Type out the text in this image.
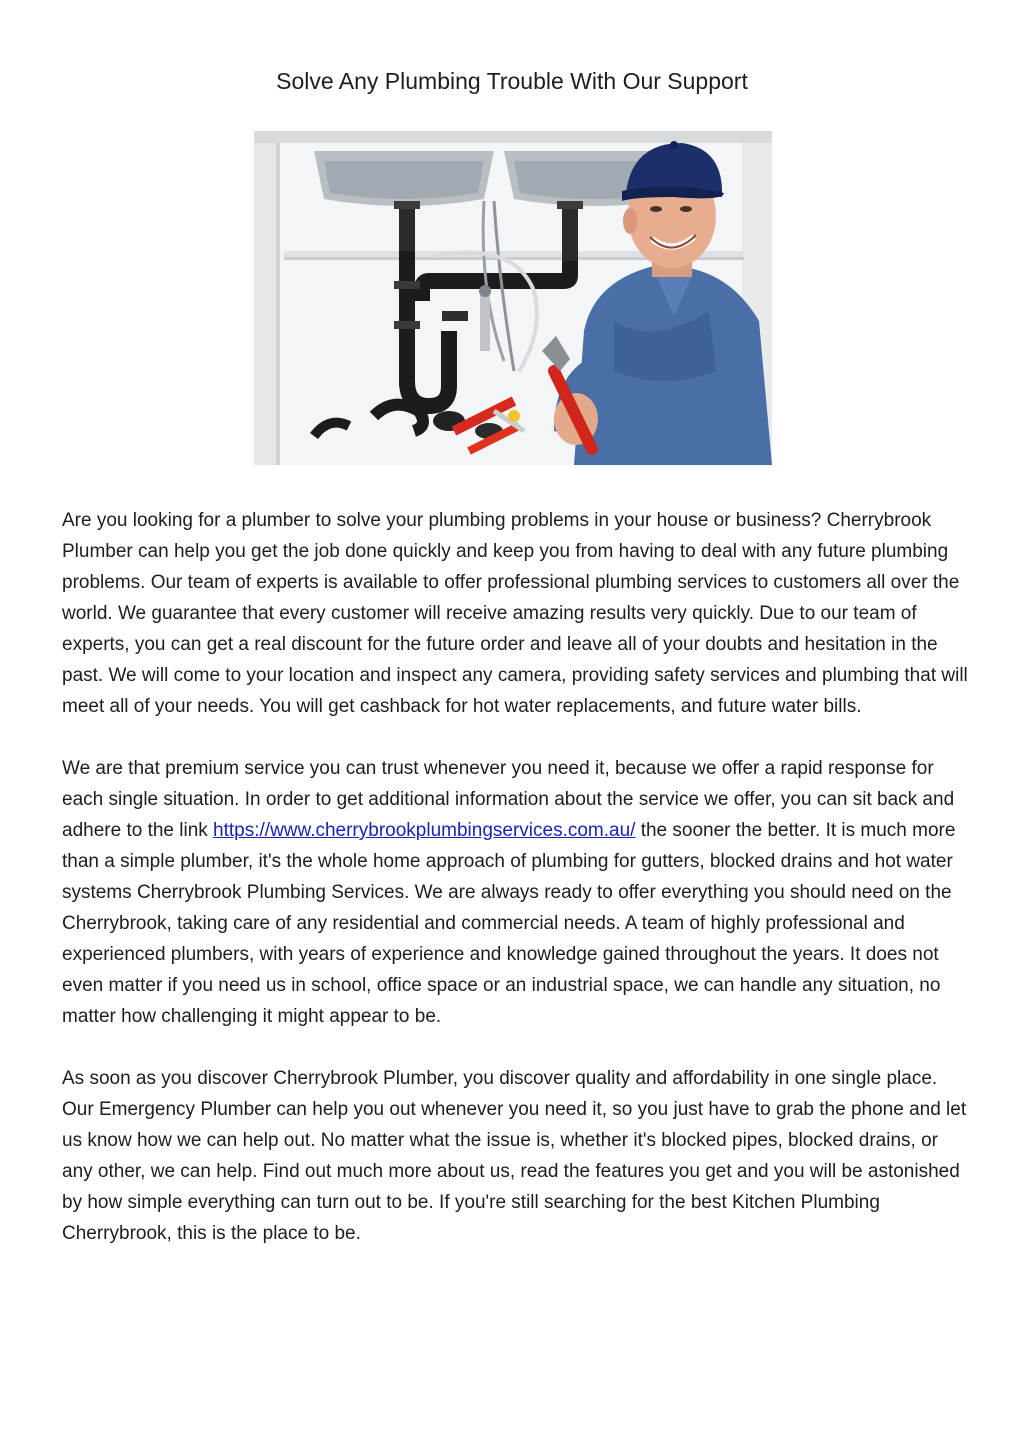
Solve Any Plumbing Trouble With Our Support

Are you looking for a plumber to solve your plumbing problems in your house or business? Cherrybrook Plumber can help you get the job done quickly and keep you from having to deal with any future plumbing problems. Our team of experts is available to offer professional plumbing services to customers all over the world. We guarantee that every customer will receive amazing results very quickly. Due to our team of experts, you can get a real discount for the future order and leave all of your doubts and hesitation in the past. We will come to your location and inspect any camera, providing safety services and plumbing that will meet all of your needs. You will get cashback for hot water replacements, and future water bills.

We are that premium service you can trust whenever you need it, because we offer a rapid response for each single situation. In order to get additional information about the service we offer, you can sit back and adhere to the link https://www.cherrybrookplumbingservices.com.au/ the sooner the better. It is much more than a simple plumber, it's the whole home approach of plumbing for gutters, blocked drains and hot water systems Cherrybrook Plumbing Services. We are always ready to offer everything you should need on the Cherrybrook, taking care of any residential and commercial needs. A team of highly professional and experienced plumbers, with years of experience and knowledge gained throughout the years. It does not even matter if you need us in school, office space or an industrial space, we can handle any situation, no matter how challenging it might appear to be.

As soon as you discover Cherrybrook Plumber, you discover quality and affordability in one single place. Our Emergency Plumber can help you out whenever you need it, so you just have to grab the phone and let us know how we can help out. No matter what the issue is, whether it's blocked pipes, blocked drains, or any other, we can help. Find out much more about us, read the features you get and you will be astonished by how simple everything can turn out to be. If you're still searching for the best Kitchen Plumbing Cherrybrook, this is the place to be.
